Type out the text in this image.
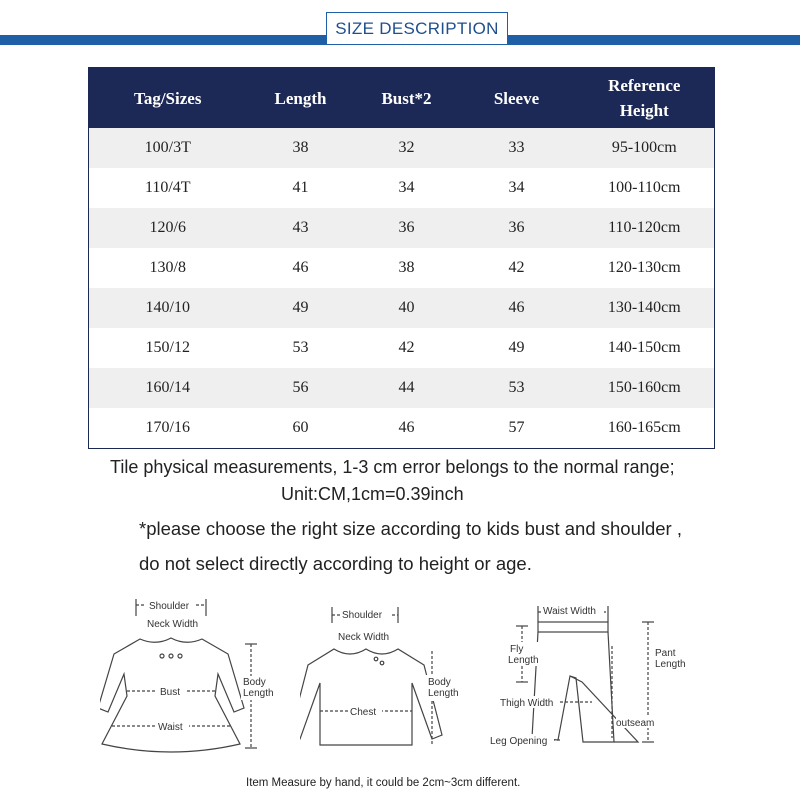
SIZE DESCRIPTION
Tag/Sizes	Length	Bust*2	Sleeve	Reference Height

100/3T	38	32	33	95-100cm
110/4T	41	34	34	100-110cm
120/6	43	36	36	110-120cm
130/8	46	38	42	120-130cm
140/10	49	40	46	130-140cm
150/12	53	42	49	140-150cm
160/14	56	44	53	150-160cm
170/16	60	46	57	160-165cm
Tile physical measurements, 1-3 cm error belongs to the normal range;
Unit:CM,1cm=0.39inch
*please choose the right size according to kids bust and shoulder ,
do not select directly according to height or age.
Shoulder
Neck Width
Body
Length
Bust
Waist
Shoulder
Neck Width
Body
Length
Chest
Waist Width
Fly
Length
Pant
Length
Thigh Width
outseam
Leg Opening
Item Measure by hand, it could be 2cm~3cm different.
